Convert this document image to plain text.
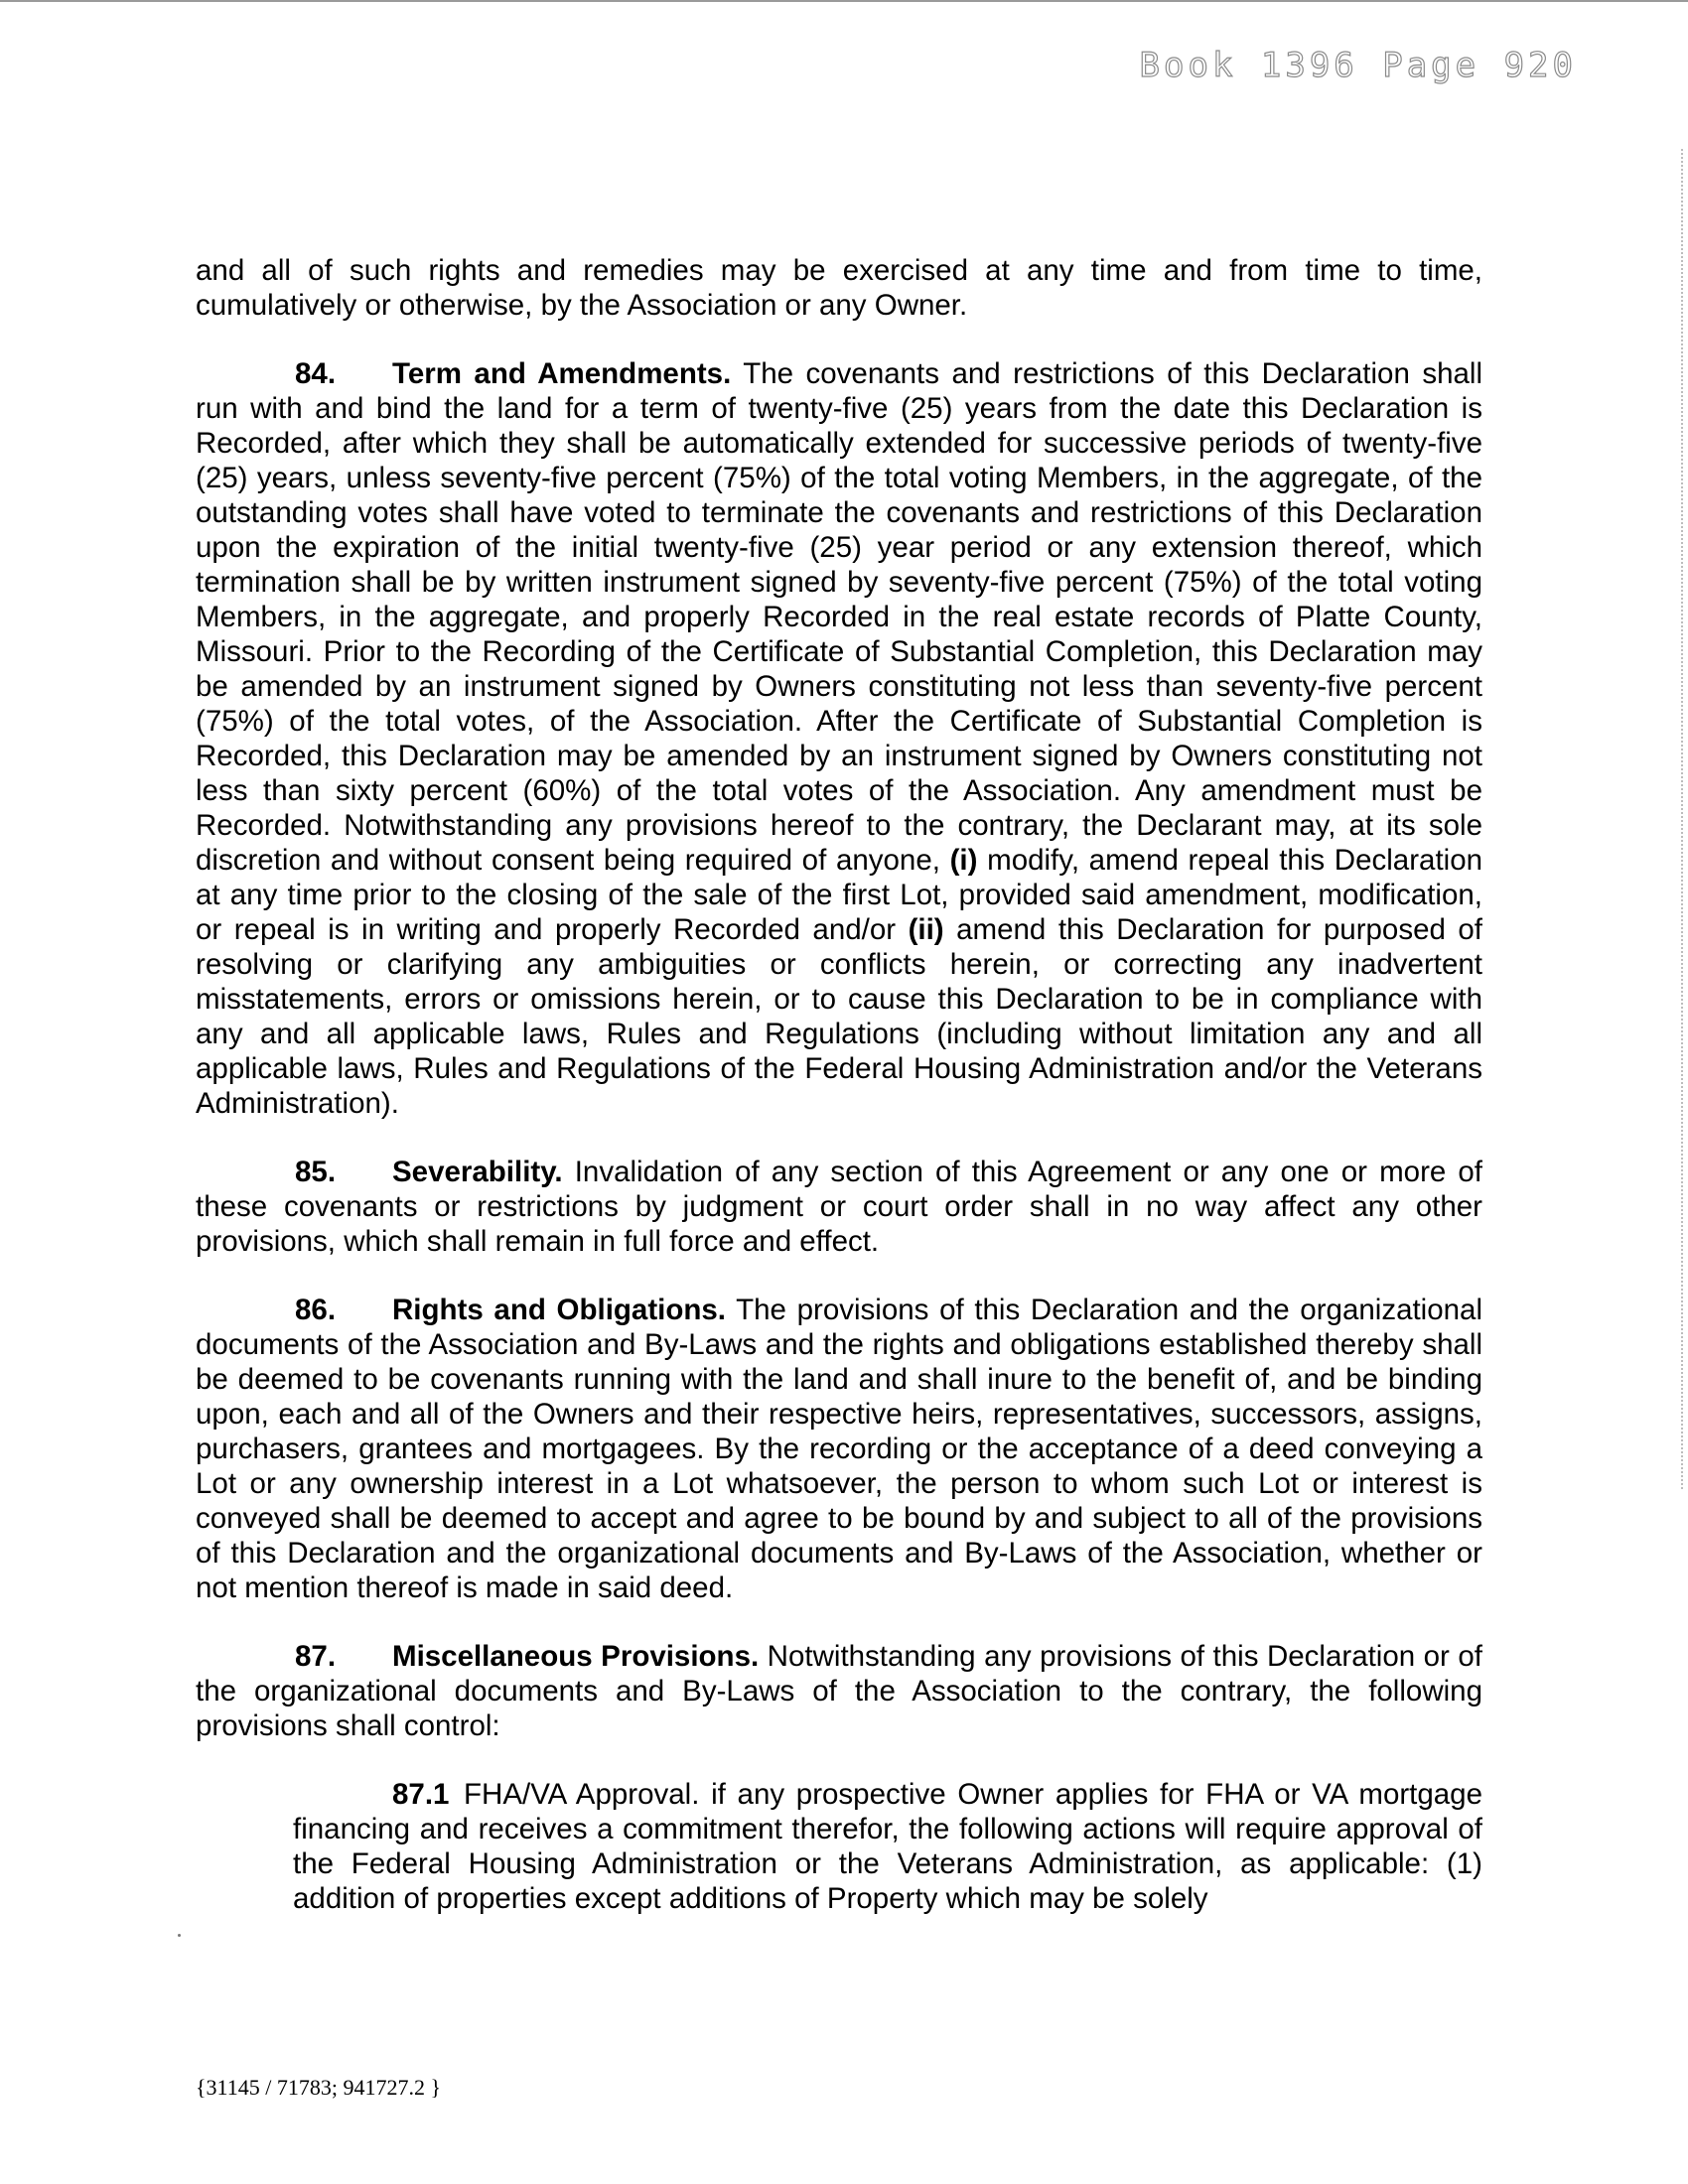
Book 1396 Page 920

and all of such rights and remedies may be exercised at any time and from time to time, cumulatively or otherwise, by the Association or any Owner.

84. Term and Amendments. The covenants and restrictions of this Declaration shall run with and bind the land for a term of twenty-five (25) years from the date this Declaration is Recorded, after which they shall be automatically extended for successive periods of twenty-five (25) years, unless seventy-five percent (75%) of the total voting Members, in the aggregate, of the outstanding votes shall have voted to terminate the covenants and restrictions of this Declaration upon the expiration of the initial twenty-five (25) year period or any extension thereof, which termination shall be by written instrument signed by seventy-five percent (75%) of the total voting Members, in the aggregate, and properly Recorded in the real estate records of Platte County, Missouri. Prior to the Recording of the Certificate of Substantial Completion, this Declaration may be amended by an instrument signed by Owners constituting not less than seventy-five percent (75%) of the total votes, of the Association. After the Certificate of Substantial Completion is Recorded, this Declaration may be amended by an instrument signed by Owners constituting not less than sixty percent (60%) of the total votes of the Association. Any amendment must be Recorded. Notwithstanding any provisions hereof to the contrary, the Declarant may, at its sole discretion and without consent being required of anyone, (i) modify, amend repeal this Declaration at any time prior to the closing of the sale of the first Lot, provided said amendment, modification, or repeal is in writing and properly Recorded and/or (ii) amend this Declaration for purposed of resolving or clarifying any ambiguities or conflicts herein, or correcting any inadvertent misstatements, errors or omissions herein, or to cause this Declaration to be in compliance with any and all applicable laws, Rules and Regulations (including without limitation any and all applicable laws, Rules and Regulations of the Federal Housing Administration and/or the Veterans Administration).

85. Severability. Invalidation of any section of this Agreement or any one or more of these covenants or restrictions by judgment or court order shall in no way affect any other provisions, which shall remain in full force and effect.

86. Rights and Obligations. The provisions of this Declaration and the organizational documents of the Association and By-Laws and the rights and obligations established thereby shall be deemed to be covenants running with the land and shall inure to the benefit of, and be binding upon, each and all of the Owners and their respective heirs, representatives, successors, assigns, purchasers, grantees and mortgagees. By the recording or the acceptance of a deed conveying a Lot or any ownership interest in a Lot whatsoever, the person to whom such Lot or interest is conveyed shall be deemed to accept and agree to be bound by and subject to all of the provisions of this Declaration and the organizational documents and By-Laws of the Association, whether or not mention thereof is made in said deed.

87. Miscellaneous Provisions. Notwithstanding any provisions of this Declaration or of the organizational documents and By-Laws of the Association to the contrary, the following provisions shall control:

87.1 FHA/VA Approval. if any prospective Owner applies for FHA or VA mortgage financing and receives a commitment therefor, the following actions will require approval of the Federal Housing Administration or the Veterans Administration, as applicable: (1) addition of properties except additions of Property which may be solely

{31145 / 71783; 941727.2 }
